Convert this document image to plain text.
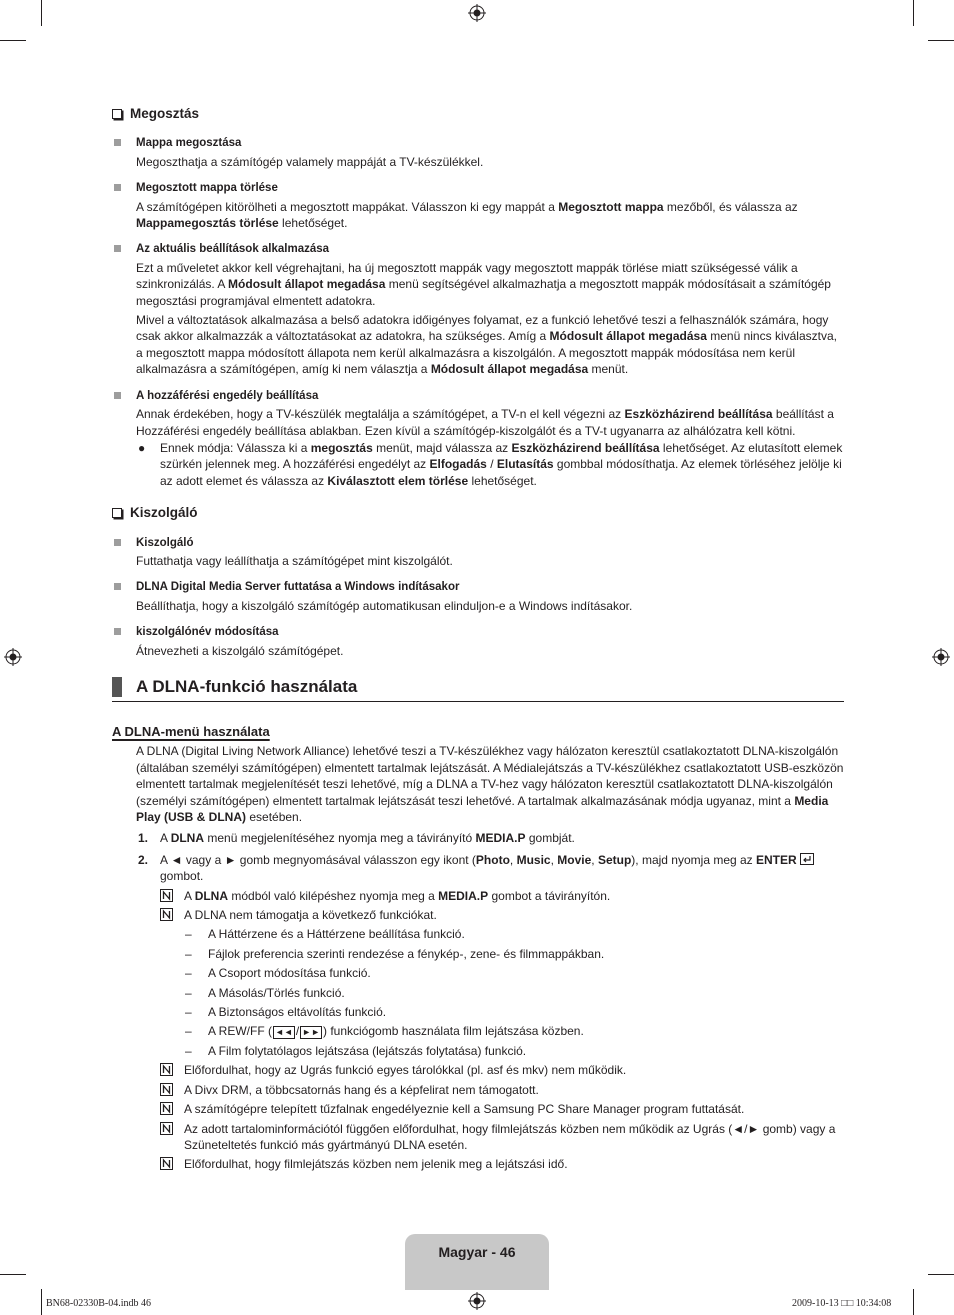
Megosztás
Mappa megosztása
Megoszthatja a számítógép valamely mappáját a TV-készülékkel.
Megosztott mappa törlése
A számítógépen kitörölheti a megosztott mappákat. Válasszon ki egy mappát a Megosztott mappa mezőből, és válassza az Mappamegosztás törlése lehetőséget.
Az aktuális beállítások alkalmazása
Ezt a műveletet akkor kell végrehajtani, ha új megosztott mappák vagy megosztott mappák törlése miatt szükségessé válik a szinkronizálás. A Módosult állapot megadása menü segítségével alkalmazhatja a megosztott mappák módosításait a számítógép megosztási programjával elmentett adatokra.
Mivel a változtatások alkalmazása a belső adatokra időigényes folyamat, ez a funkció lehetővé teszi a felhasználók számára, hogy csak akkor alkalmazzák a változtatásokat az adatokra, ha szükséges. Amíg a Módosult állapot megadása menü nincs kiválasztva, a megosztott mappa módosított állapota nem kerül alkalmazásra a kiszolgálón. A megosztott mappák módosítása nem kerül alkalmazásra a számítógépen, amíg ki nem választja a Módosult állapot megadása menüt.
A hozzáférési engedély beállítása
Annak érdekében, hogy a TV-készülék megtalálja a számítógépet, a TV-n el kell végezni az Eszközházirend beállítása beállítást a Hozzáférési engedély beállítása ablakban. Ezen kívül a számítógép-kiszolgálót és a TV-t ugyanarra az alhálózatra kell kötni.
● Ennek módja: Válassza ki a megosztás menüt, majd válassza az Eszközházirend beállítása lehetőséget. Az elutasított elemek szürkén jelennek meg. A hozzáférési engedélyt az Elfogadás / Elutasítás gombbal módosíthatja. Az elemek törléséhez jelölje ki az adott elemet és válassza az Kiválasztott elem törlése lehetőséget.
Kiszolgáló
Kiszolgáló
Futtathatja vagy leállíthatja a számítógépet mint kiszolgálót.
DLNA Digital Media Server futtatása a Windows indításakor
Beállíthatja, hogy a kiszolgáló számítógép automatikusan elinduljon-e a Windows indításakor.
kiszolgálónév módosítása
Átnevezheti a kiszolgáló számítógépet.
A DLNA-funkció használata
A DLNA-menü használata
A DLNA (Digital Living Network Alliance) lehetővé teszi a TV-készülékhez vagy hálózaton keresztül csatlakoztatott DLNA-kiszolgálón (általában személyi számítógépen) elmentett tartalmak lejátszását. A Médialejátszás a TV-készülékhez csatlakoztatott USB-eszközön elmentett tartalmak megjelenítését teszi lehetővé, míg a DLNA a TV-hez vagy hálózaton keresztül csatlakoztatott DLNA-kiszolgálón (személyi számítógépen) elmentett tartalmak lejátszását teszi lehetővé. A tartalmak alkalmazásának módja ugyanaz, mint a Media Play (USB & DLNA) esetében.
1. A DLNA menü megjelenítéséhez nyomja meg a távirányító MEDIA.P gombját.
2. A ◄ vagy a ► gomb megnyomásával válasszon egy ikont (Photo, Music, Movie, Setup), majd nyomja meg az ENTER  gombot.
A DLNA módból való kilépéshez nyomja meg a MEDIA.P gombot a távirányítón.
A DLNA nem támogatja a következő funkciókat.
– A Háttérzene és a Háttérzene beállítása funkció.
– Fájlok preferencia szerinti rendezése a fénykép-, zene- és filmmappákban.
– A Csoport módosítása funkció.
– A Másolás/Törlés funkció.
– A Biztonságos eltávolítás funkció.
– A REW/FF ( ◄◄ / ►► ) funkciógomb használata film lejátszása közben.
– A Film folytatólagos lejátszása (lejátszás folytatása) funkció.
Előfordulhat, hogy az Ugrás funkció egyes tárolókkal (pl. asf és mkv) nem működik.
A Divx DRM, a többcsatornás hang és a képfelirat nem támogatott.
A számítógépre telepített tűzfalnak engedélyeznie kell a Samsung PC Share Manager program futtatását.
Az adott tartalominformációtól függően előfordulhat, hogy filmlejátszás közben nem működik az Ugrás (◄/► gomb) vagy a Szüneteltetés funkció más gyártmányú DLNA esetén.
Előfordulhat, hogy filmlejátszás közben nem jelenik meg a lejátszási idő.
Magyar - 46
BN68-02330B-04.indb 46	2009-10-13 □□ 10:34:08
